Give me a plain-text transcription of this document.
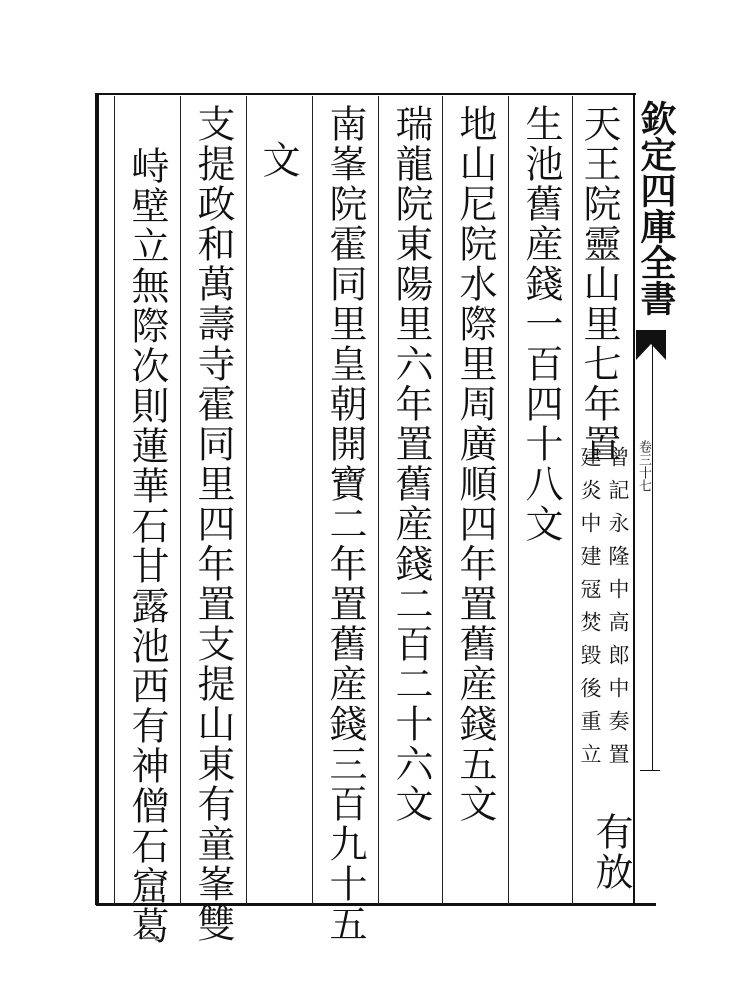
欽定四庫全書
卷三十七
天王院靈山里七年置
曾記永隆中高郎中奏置
建炎中建冦焚毀後重立
有放
生池舊産錢一百四十八文
地山尼院水際里周廣順四年置舊産錢五文
瑞龍院東陽里六年置舊産錢二百二十六文
南峯院霍同里皇朝開寶二年置舊産錢三百九十五
文
支提政和萬壽寺霍同里四年置支提山東有童峯雙
峙壁立無際次則蓮華石甘露池西有神僧石窟葛
